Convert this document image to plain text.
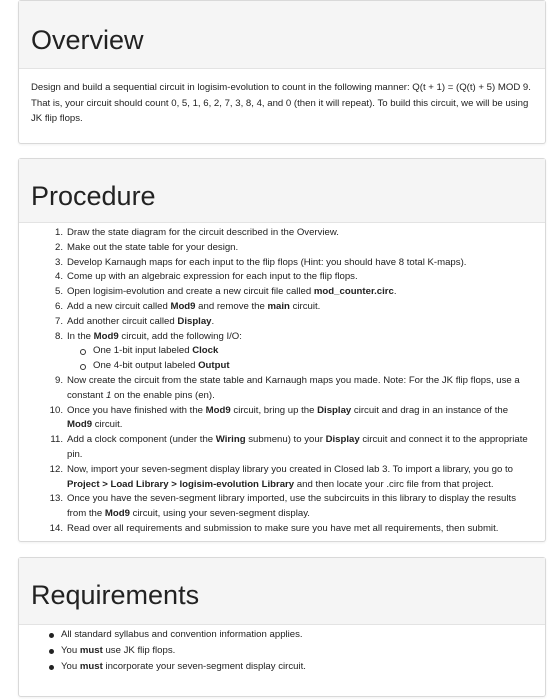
Overview
Design and build a sequential circuit in logisim-evolution to count in the following manner: Q(t + 1) = (Q(t) + 5) MOD 9. That is, your circuit should count 0, 5, 1, 6, 2, 7, 3, 8, 4, and 0 (then it will repeat). To build this circuit, we will be using JK flip flops.
Procedure
1. Draw the state diagram for the circuit described in the Overview.
2. Make out the state table for your design.
3. Develop Karnaugh maps for each input to the flip flops (Hint: you should have 8 total K-maps).
4. Come up with an algebraic expression for each input to the flip flops.
5. Open logisim-evolution and create a new circuit file called mod_counter.circ.
6. Add a new circuit called Mod9 and remove the main circuit.
7. Add another circuit called Display.
8. In the Mod9 circuit, add the following I/O:
One 1-bit input labeled Clock
One 4-bit output labeled Output
9. Now create the circuit from the state table and Karnaugh maps you made. Note: For the JK flip flops, use a constant 1 on the enable pins (en).
10. Once you have finished with the Mod9 circuit, bring up the Display circuit and drag in an instance of the Mod9 circuit.
11. Add a clock component (under the Wiring submenu) to your Display circuit and connect it to the appropriate pin.
12. Now, import your seven-segment display library you created in Closed lab 3. To import a library, you go to Project > Load Library > logisim-evolution Library and then locate your .circ file from that project.
13. Once you have the seven-segment library imported, use the subcircuits in this library to display the results from the Mod9 circuit, using your seven-segment display.
14. Read over all requirements and submission to make sure you have met all requirements, then submit.
Requirements
All standard syllabus and convention information applies.
You must use JK flip flops.
You must incorporate your seven-segment display circuit.
